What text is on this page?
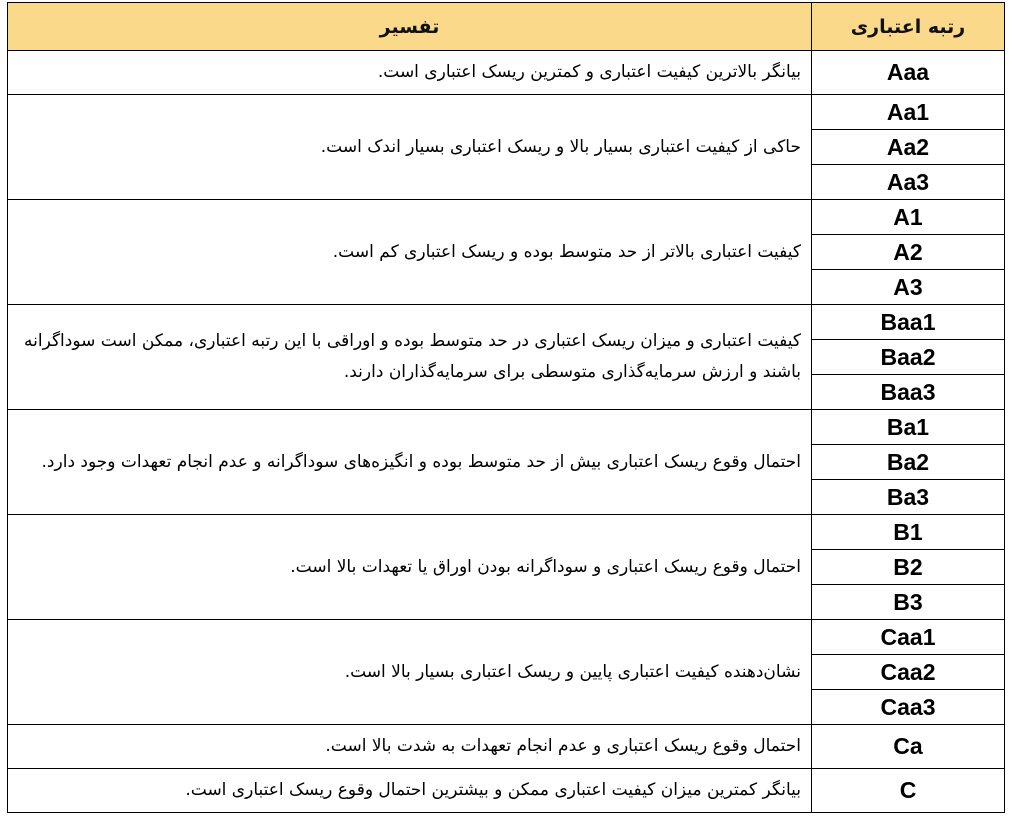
رتبه اعتباری	تفسیر
Aaa	بیانگر بالاترین کیفیت اعتباری و کمترین ریسک اعتباری است.
Aa1	حاکی از کیفیت اعتباری بسیار بالا و ریسک اعتباری بسیار اندک است.
Aa2	
Aa3	
A1	کیفیت اعتباری بالاتر از حد متوسط بوده و ریسک اعتباری کم است.
A2	
A3	
Baa1	کیفیت اعتباری و میزان ریسک اعتباری در حد متوسط بوده و اوراقی با این رتبه اعتباری، ممکن است سوداگرانه باشند و ارزش سرمایه‌گذاری متوسطی برای سرمایه‌گذاران دارند.
Baa2	
Baa3	
Ba1	احتمال وقوع ریسک اعتباری بیش از حد متوسط بوده و انگیزه‌های سوداگرانه و عدم انجام تعهدات وجود دارد.
Ba2	
Ba3	
B1	احتمال وقوع ریسک اعتباری و سوداگرانه بودن اوراق یا تعهدات بالا است.
B2	
B3	
Caa1	نشان‌دهنده کیفیت اعتباری پایین و ریسک اعتباری بسیار بالا است.
Caa2	
Caa3	
Ca	احتمال وقوع ریسک اعتباری و عدم انجام تعهدات به شدت بالا است.
C	بیانگر کمترین میزان کیفیت اعتباری ممکن و بیشترین احتمال وقوع ریسک اعتباری است.
